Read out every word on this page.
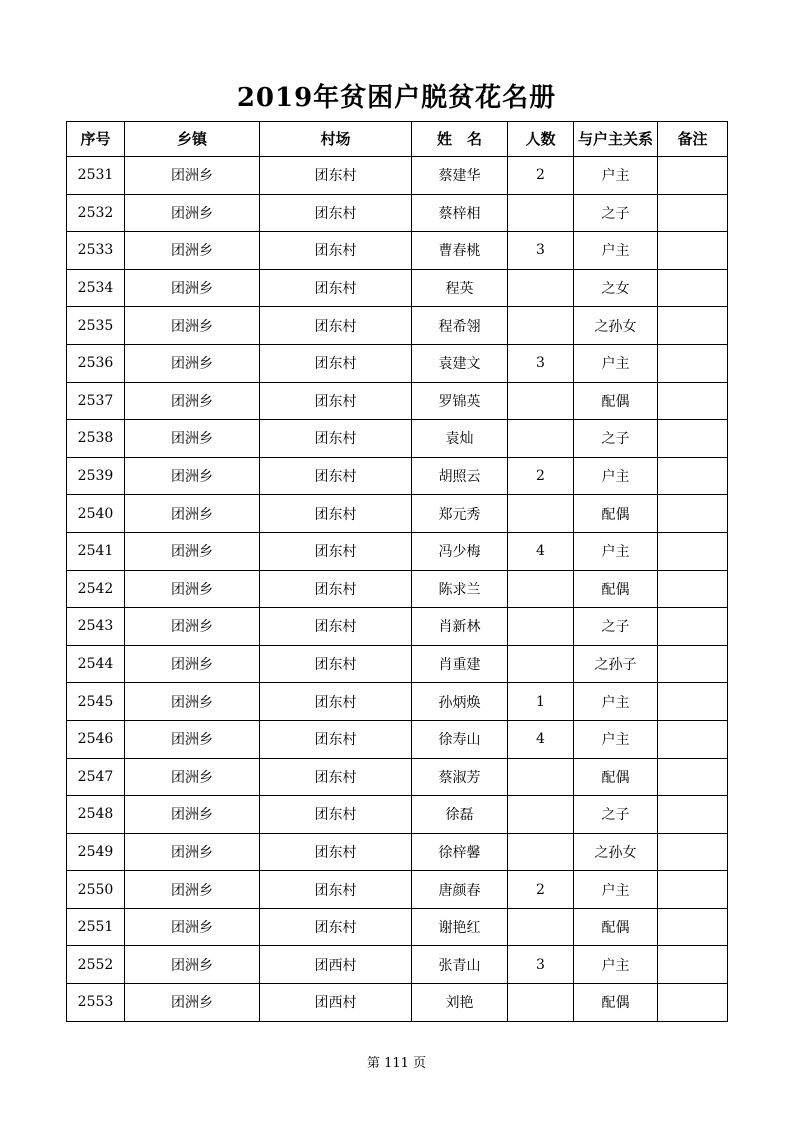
2019年贫困户脱贫花名册
序号	乡镇	村场	姓　名	人数	与户主关系	备注
2531	团洲乡	团东村	蔡建华	2	户主	
2532	团洲乡	团东村	蔡梓相		之子	
2533	团洲乡	团东村	曹春桃	3	户主	
2534	团洲乡	团东村	程英		之女	
2535	团洲乡	团东村	程希翎		之孙女	
2536	团洲乡	团东村	袁建文	3	户主	
2537	团洲乡	团东村	罗锦英		配偶	
2538	团洲乡	团东村	袁灿		之子	
2539	团洲乡	团东村	胡照云	2	户主	
2540	团洲乡	团东村	郑元秀		配偶	
2541	团洲乡	团东村	冯少梅	4	户主	
2542	团洲乡	团东村	陈求兰		配偶	
2543	团洲乡	团东村	肖新林		之子	
2544	团洲乡	团东村	肖重建		之孙子	
2545	团洲乡	团东村	孙炳焕	1	户主	
2546	团洲乡	团东村	徐寿山	4	户主	
2547	团洲乡	团东村	蔡淑芳		配偶	
2548	团洲乡	团东村	徐磊		之子	
2549	团洲乡	团东村	徐梓馨		之孙女	
2550	团洲乡	团东村	唐颜春	2	户主	
2551	团洲乡	团东村	谢艳红		配偶	
2552	团洲乡	团西村	张青山	3	户主	
2553	团洲乡	团西村	刘艳		配偶	
第 111 页
